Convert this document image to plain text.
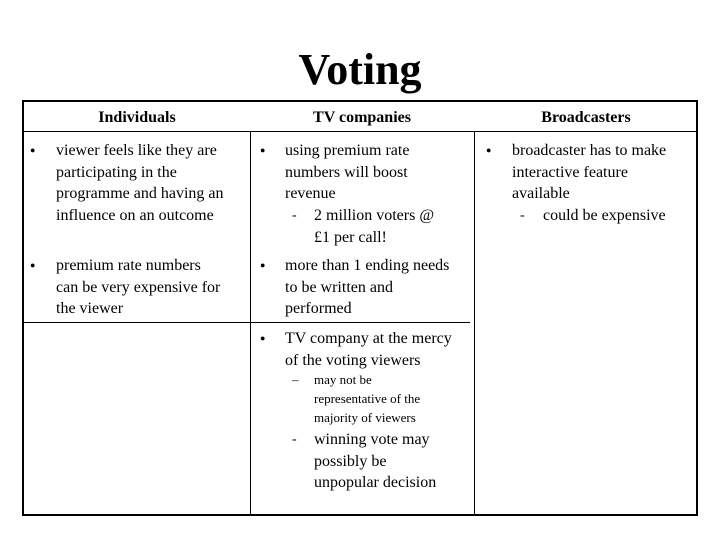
Voting
Individuals	TV companies	Broadcasters
● viewer feels like they are
participating in the
programme and having an
influence on an outcome
● premium rate numbers
can be very expensive for
the viewer
● using premium rate
numbers will boost
revenue
- 2 million voters @
£1 per call!
● more than 1 ending needs
to be written and
performed
● TV company at the mercy
of the voting viewers
– may not be
representative of the
majority of viewers
- winning vote may
possibly be
unpopular decision
● broadcaster has to make
interactive feature
available
- could be expensive
